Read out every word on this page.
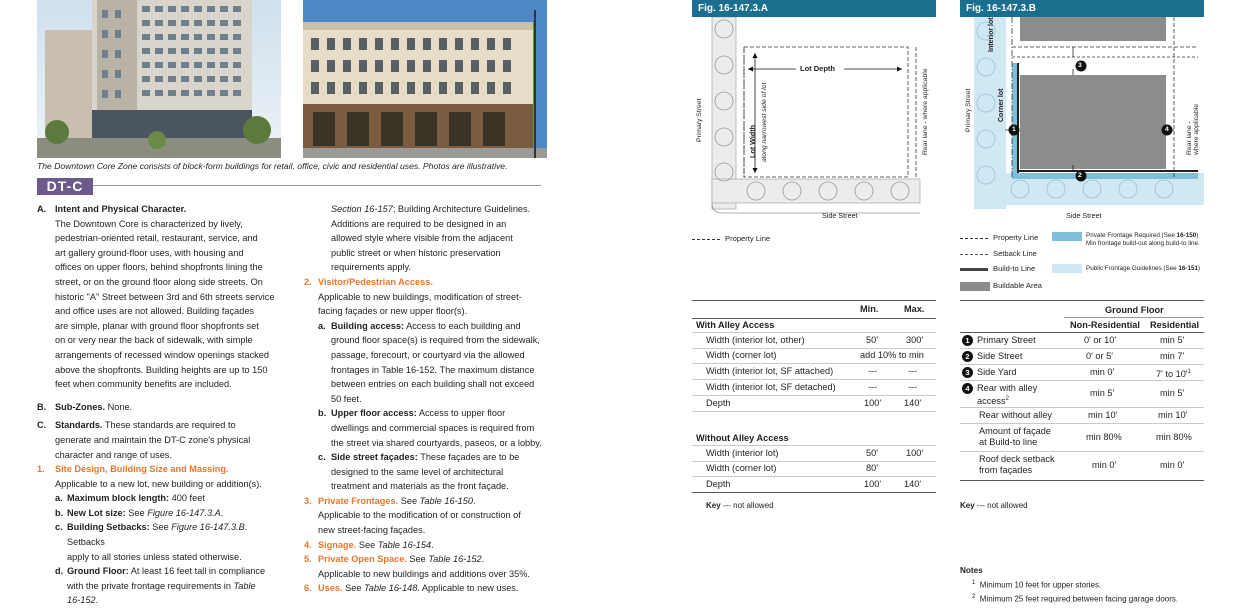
The Downtown Core Zone consists of block-form buildings for retail, office, civic and residential uses. Photos are illustrative.
DT-C
A. Intent and Physical Character.
The Downtown Core is characterized by lively,
pedestrian-oriented retail, restaurant, service, and
art gallery ground-floor uses, with housing and
offices on upper floors, behind shopfronts lining the
street, or on the ground floor along side streets. On
historic "A" Street between 3rd and 6th streets service
and office uses are not allowed. Building façades
are simple, planar with ground floor shopfronts set
on or very near the back of sidewalk, with simple
arrangements of recessed window openings stacked
above the shopfronts. Building heights are up to 150
feet when community benefits are included.
B. Sub-Zones. None.
C. Standards. These standards are required to
generate and maintain the DT-C zone's physical
character and range of uses.
1. Site Design, Building Size and Massing.
Applicable to a new lot, new building or addition(s).
a. Maximum block length: 400 feet
b. New Lot size: See Figure 16-147.3.A.
c. Building Setbacks: See Figure 16-147.3.B. Setbacks
apply to all stories unless stated otherwise.
d. Ground Floor: At least 16 feet tall in compliance
with the private frontage requirements in Table
16-152.
Section 16-157; Building Architecture Guidelines.
Additions are required to be designed in an
allowed style where visible from the adjacent
public street or when historic preservation
requirements apply.
2. Visitor/Pedestrian Access.
Applicable to new buildings, modification of street-
facing façades or new upper floor(s).
a. Building access: Access to each building and
ground floor space(s) is required from the sidewalk,
passage, forecourt, or courtyard via the allowed
frontages in Table 16-152. The maximum distance
between entries on each building shall not exceed
50 feet.
b. Upper floor access: Access to upper floor
dwellings and commercial spaces is required from
the street via shared courtyards, paseos, or a lobby.
c. Side street façades: These façades are to be
designed to the same level of architectural
treatment and materials as the front façade.
3. Private Frontages. See Table 16-150.
Applicable to the modification of or construction of
new street-facing façades.
4. Signage. See Table 16-154.
5. Private Open Space. See Table 16-152.
Applicable to new buildings and additions over 35%.
6. Uses. See Table 16-148. Applicable to new uses.
Fig. 16-147.3.A
Lot Depth
Lot Width along narrowest side of lot
Primary Street
Side Street
Rear lane - where applicable
Property Line
Fig. 16-147.3.B
3
1	4
2
Interior lot
Corner lot
Primary Street
Side Street
Rear lane - where applicable
Property Line
Setback Line
Build-to Line
Buildable Area
Private Frontage Required (See 16-150)
Min frontage build-out along build-to line.
Public Frontage Guidelines (See 16-151)
Min.	Max.
With Alley Access
Width (interior lot, other)	50'	300'
Width (corner lot)	add 10% to min
Width (interior lot, SF attached)	---	---
Width (interior lot, SF detached)	---	---
Depth	100' 140'
Without Alley Access
Width (interior lot)	50'	100'
Width (corner lot)	80'
Depth	100' 140'
Key --- not allowed
Ground Floor
Non-Residential Residential
1 Primary Street	0' or 10'	min 5'
2 Side Street	0' or 5'	min 7'
3 Side Yard	min 0'	7' to $10'^1$
4 Rear with alley
access$^2$
min 5'	min 5'
Rear without alley	min 10'	min 10'
Amount of façade
at Build-to line	min 80%	min 80%
Roof deck setback
from façades	min 0'	min 0'
Key --- not allowed
Notes
$^1$ Minimum 10 feet for upper stories.
$^2$ Minimum 25 feet required between facing garage doors.
